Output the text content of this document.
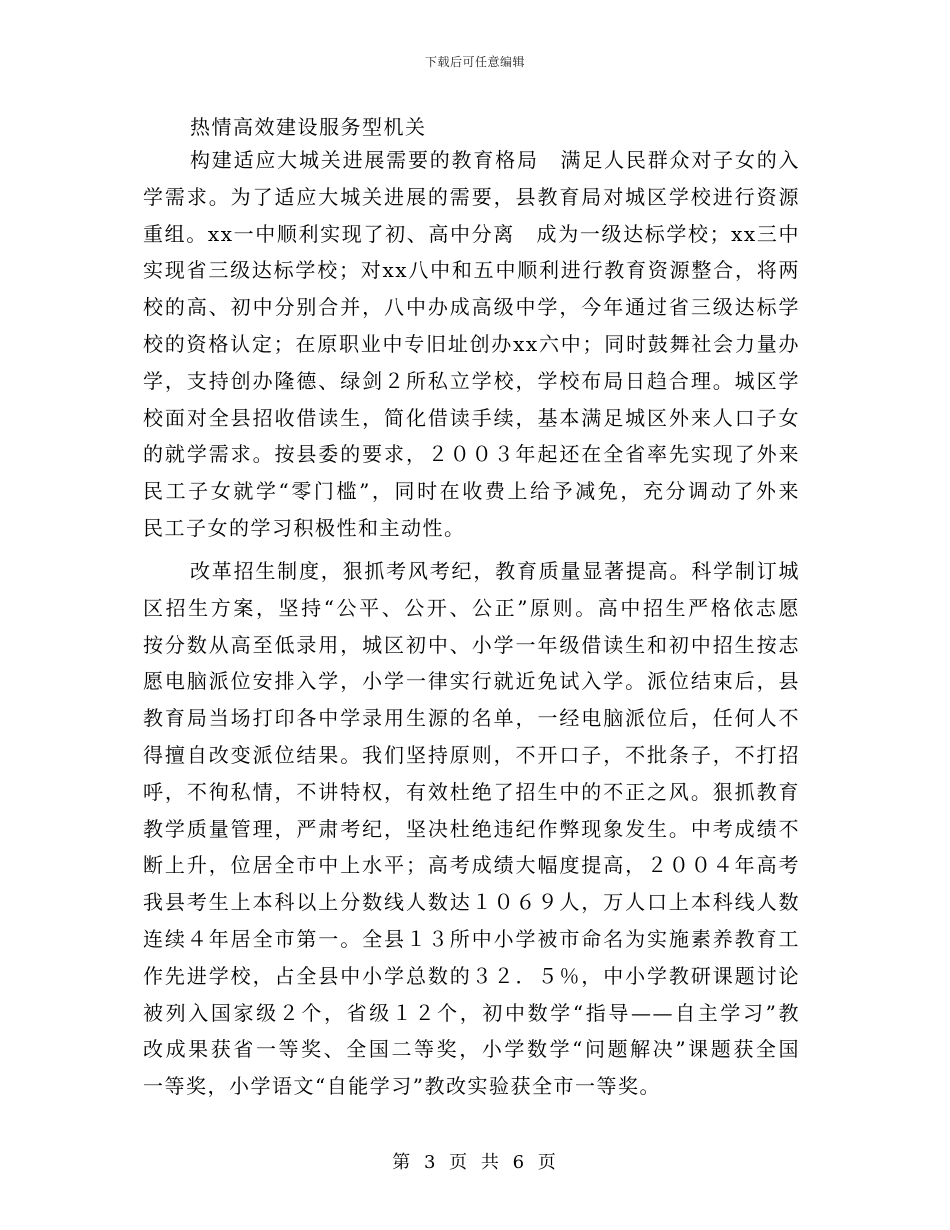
下载后可任意编辑
热情高效建设服务型机关
构建适应大城关进展需要的教育格局　满足人民群众对子女的入
学需求。为了适应大城关进展的需要，县教育局对城区学校进行资源
重组。xx一中顺利实现了初、高中分离　成为一级达标学校；xx三中
实现省三级达标学校；对xx八中和五中顺利进行教育资源整合，将两
校的高、初中分别合并，八中办成高级中学，今年通过省三级达标学
校的资格认定；在原职业中专旧址创办xx六中；同时鼓舞社会力量办
学，支持创办隆德、绿剑２所私立学校，学校布局日趋合理。城区学
校面对全县招收借读生，简化借读手续，基本满足城区外来人口子女
的就学需求。按县委的要求，２００３年起还在全省率先实现了外来
民工子女就学“零门槛”，同时在收费上给予减免，充分调动了外来
民工子女的学习积极性和主动性。
改革招生制度，狠抓考风考纪，教育质量显著提高。科学制订城
区招生方案，坚持“公平、公开、公正”原则。高中招生严格依志愿
按分数从高至低录用，城区初中、小学一年级借读生和初中招生按志
愿电脑派位安排入学，小学一律实行就近免试入学。派位结束后，县
教育局当场打印各中学录用生源的名单，一经电脑派位后，任何人不
得擅自改变派位结果。我们坚持原则，不开口子，不批条子，不打招
呼，不徇私情，不讲特权，有效杜绝了招生中的不正之风。狠抓教育
教学质量管理，严肃考纪，坚决杜绝违纪作弊现象发生。中考成绩不
断上升，位居全市中上水平；高考成绩大幅度提高，２００４年高考
我县考生上本科以上分数线人数达１０６９人，万人口上本科线人数
连续４年居全市第一。全县１３所中小学被市命名为实施素养教育工
作先进学校，占全县中小学总数的３２．５％，中小学教研课题讨论
被列入国家级２个，省级１２个，初中数学“指导——自主学习”教
改成果获省一等奖、全国二等奖，小学数学“问题解决”课题获全国
一等奖，小学语文“自能学习”教改实验获全市一等奖。
第 3 页 共 6 页
